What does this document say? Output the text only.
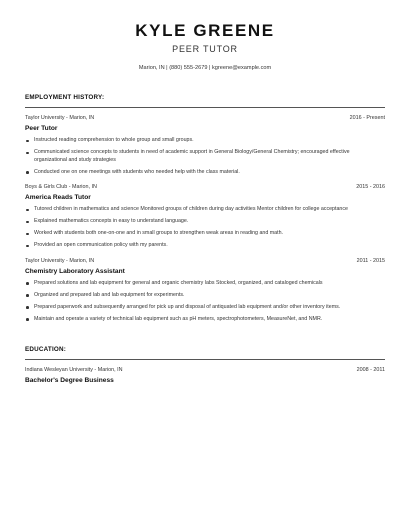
KYLE GREENE
PEER TUTOR
Marion, IN | (880) 555-2679 | kgreene@example.com
EMPLOYMENT HISTORY:
Taylor University - Marion, IN	2016 - Present
Peer Tutor
Instructed reading comprehension to whole group and small groups.
Communicated science concepts to students in need of academic support in General Biology/General Chemistry; encouraged effective organizational and study strategies
Conducted one on one meetings with students who needed help with the class material.
Boys & Girls Club - Marion, IN	2015 - 2016
America Reads Tutor
Tutored children in mathematics and science Monitored groups of children during day activities Mentor children for college acceptance
Explained mathematics concepts in easy to understand language.
Worked with students both one-on-one and in small groups to strengthen weak areas in reading and math.
Provided an open communication policy with my parents.
Taylor University - Marion, IN	2011 - 2015
Chemistry Laboratory Assistant
Prepared solutions and lab equipment for general and organic chemistry labs Stocked, organized, and cataloged chemicals
Organized and prepared lab and lab equipment for experiments.
Prepared paperwork and subsequently arranged for pick up and disposal of antiquated lab equipment and/or other inventory items.
Maintain and operate a variety of technical lab equipment such as pH meters, spectrophotometers, MeasureNet, and NMR.
EDUCATION:
Indiana Wesleyan University - Marion, IN	2008 - 2011
Bachelor's Degree Business
